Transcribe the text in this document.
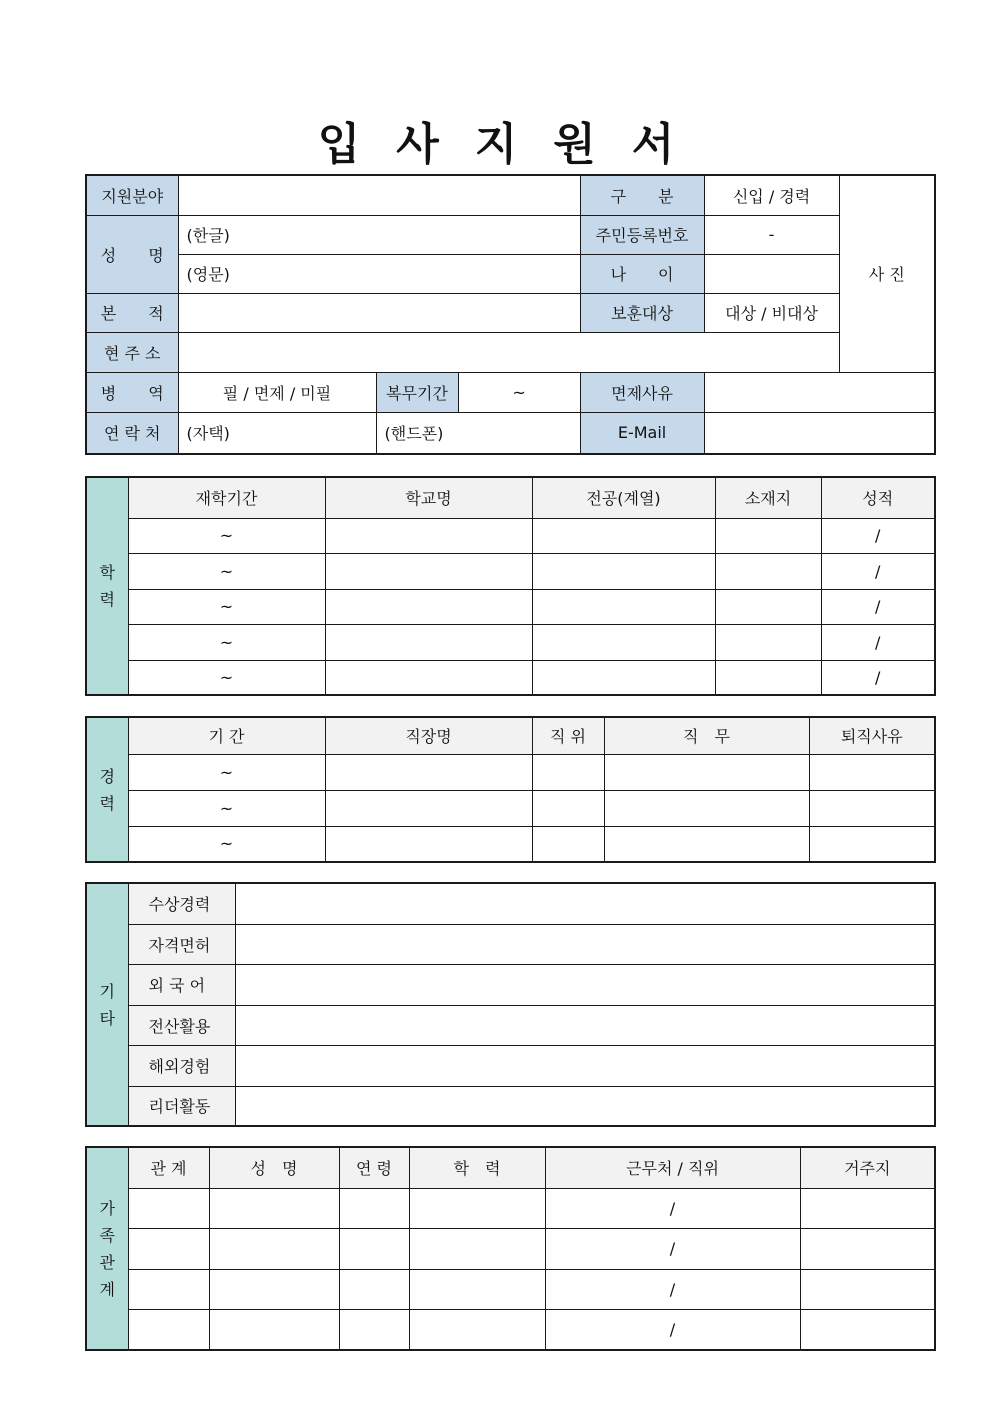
입 사 지 원 서
지원분야				구　　분	신입 / 경력	사 진
성　　명	(한글)			주민등록번호	-	
	(영문)			나　　이		
본　　적				보훈대상	대상 / 비대상	
현 주 소						
병　　역	필 / 면제 / 미필	복무기간	~	면제사유		
연 락 처	(자택)	(핸드폰)		E-Mail		
학
력	재학기간	학교명	전공(계열)	소재지	성적
	~				/
	~				/
	~				/
	~				/
	~				/
경
력	기 간	직장명	직 위	직　무	퇴직사유
	~				
	~				
	~				
기
타	수상경력	
	자격면허	
	외 국 어	
	전산활용	
	해외경험	
	리더활동	
가
족
관
계	관 계	성　명	연 령	학　력	근무처 / 직위	거주지
					/	
					/	
					/	
					/	
